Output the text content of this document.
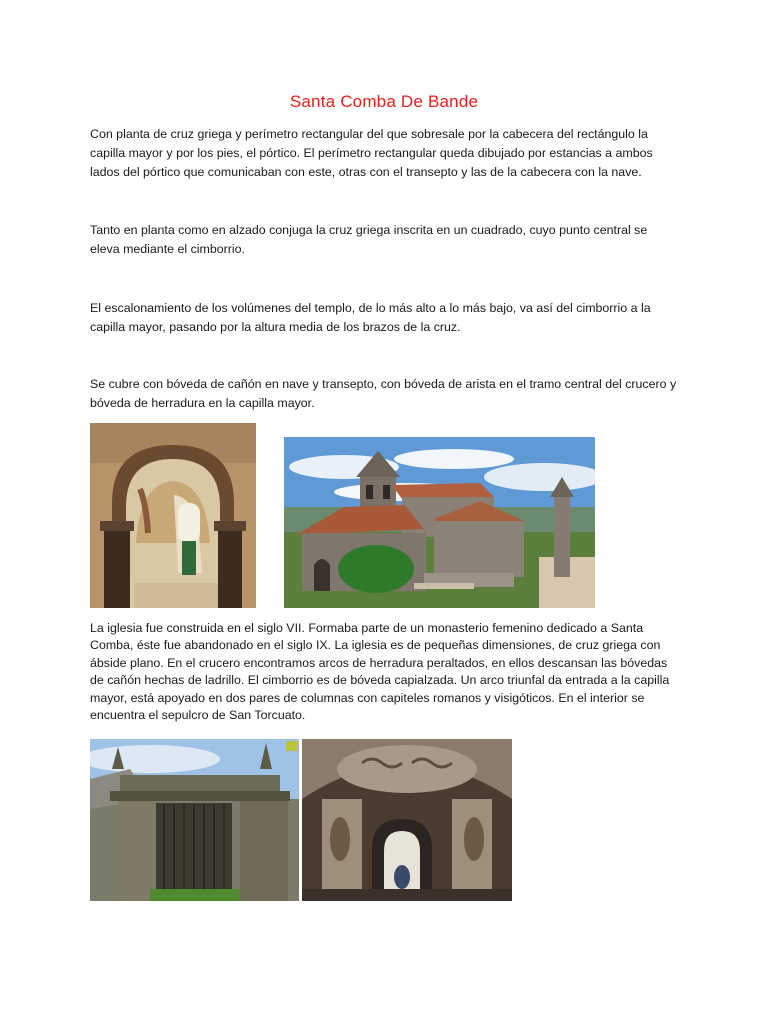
Santa Comba De Bande

Con planta de cruz griega y perímetro rectangular del que sobresale por la cabecera del rectángulo la capilla mayor y por los pies, el pórtico. El perímetro rectangular queda dibujado por estancias a ambos lados del pórtico que comunicaban con este, otras con el transepto y las de la cabecera con la nave.

Tanto en planta como en alzado conjuga la cruz griega inscrita en un cuadrado, cuyo punto central se eleva mediante el cimborrio.

El escalonamiento de los volúmenes del templo, de lo más alto a lo más bajo, va así del cimborrio a la capilla mayor, pasando por la altura media de los brazos de la cruz.

Se cubre con bóveda de cañón en nave y transepto, con bóveda de arista en el tramo central del crucero y bóveda de herradura en la capilla mayor.

La iglesia fue construida en el siglo VII. Formaba parte de un monasterio femenino dedicado a Santa Comba, éste fue abandonado en el siglo IX. La iglesia es de pequeñas dimensiones, de cruz griega con ábside plano. En el crucero encontramos arcos de herradura peraltados, en ellos descansan las bóvedas de cañón hechas de ladrillo. El cimborrio es de bóveda capialzada. Un arco triunfal da entrada a la capilla mayor, está apoyado en dos pares de columnas con capiteles romanos y visigóticos. En el interior se encuentra el sepulcro de San Torcuato.
